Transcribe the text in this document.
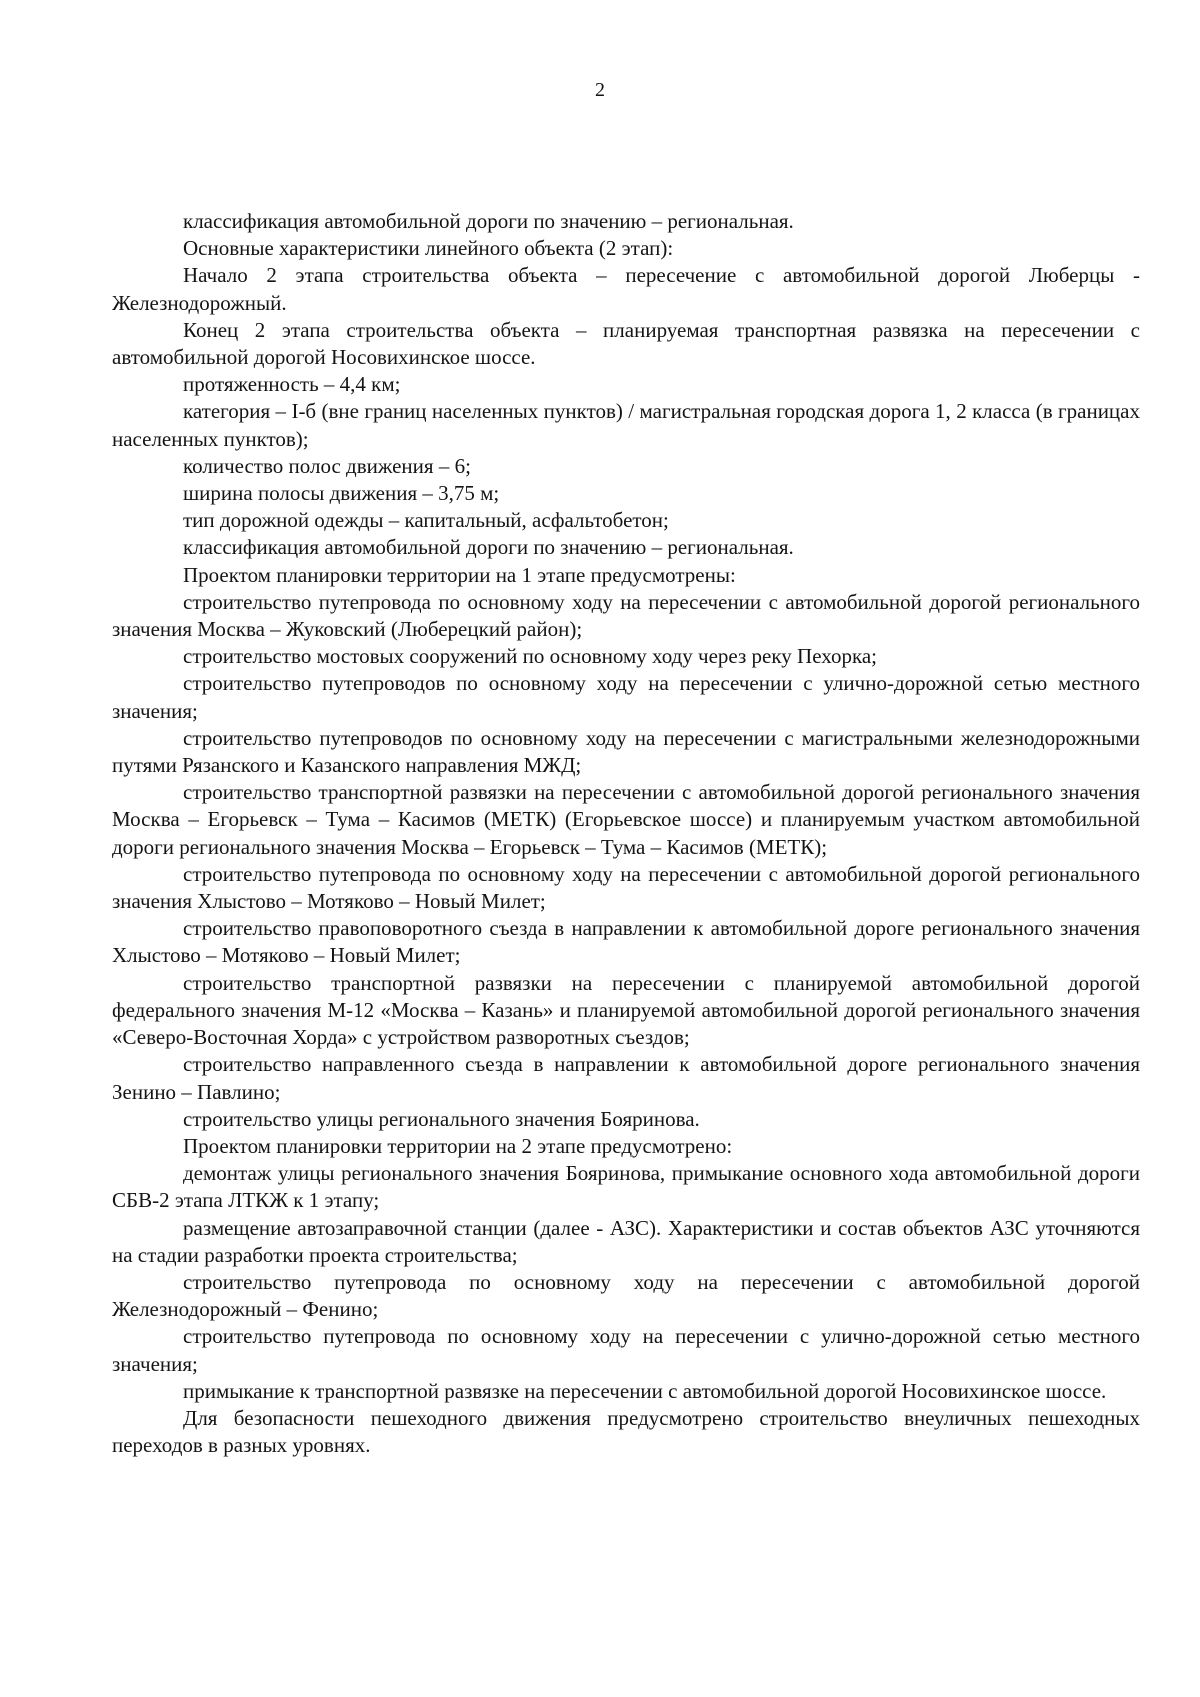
2

классификация автомобильной дороги по значению – региональная.

Основные характеристики линейного объекта (2 этап):

Начало 2 этапа строительства объекта – пересечение с автомобильной дорогой Люберцы - Железнодорожный.

Конец 2 этапа строительства объекта – планируемая транспортная развязка на пересечении с автомобильной дорогой Носовихинское шоссе.

протяженность – 4,4 км;

категория – I-б (вне границ населенных пунктов) / магистральная городская дорога 1, 2 класса (в границах населенных пунктов);

количество полос движения – 6;

ширина полосы движения – 3,75 м;

тип дорожной одежды – капитальный, асфальтобетон;

классификация автомобильной дороги по значению – региональная.

Проектом планировки территории на 1 этапе предусмотрены:

строительство путепровода по основному ходу на пересечении с автомобильной дорогой регионального значения Москва – Жуковский (Люберецкий район);

строительство мостовых сооружений по основному ходу через реку Пехорка;

строительство путепроводов по основному ходу на пересечении с улично-дорожной сетью местного значения;

строительство путепроводов по основному ходу на пересечении с магистральными железнодорожными путями Рязанского и Казанского направления МЖД;

строительство транспортной развязки на пересечении с автомобильной дорогой регионального значения Москва – Егорьевск – Тума – Касимов (МЕТК) (Егорьевское шоссе) и планируемым участком автомобильной дороги регионального значения Москва – Егорьевск – Тума – Касимов (МЕТК);

строительство путепровода по основному ходу на пересечении с автомобильной дорогой регионального значения Хлыстово – Мотяково – Новый Милет;

строительство правоповоротного съезда в направлении к автомобильной дороге регионального значения Хлыстово – Мотяково – Новый Милет;

строительство транспортной развязки на пересечении с планируемой автомобильной дорогой федерального значения М-12 «Москва – Казань» и планируемой автомобильной дорогой регионального значения «Северо-Восточная Хорда» с устройством разворотных съездов;

строительство направленного съезда в направлении к автомобильной дороге регионального значения Зенино – Павлино;

строительство улицы регионального значения Бояринова.

Проектом планировки территории на 2 этапе предусмотрено:

демонтаж улицы регионального значения Бояринова, примыкание основного хода автомобильной дороги СБВ-2 этапа ЛТКЖ к 1 этапу;

размещение автозаправочной станции (далее - АЗС). Характеристики и состав объектов АЗС уточняются на стадии разработки проекта строительства;

строительство путепровода по основному ходу на пересечении с автомобильной дорогой Железнодорожный – Фенино;

строительство путепровода по основному ходу на пересечении с улично-дорожной сетью местного значения;

примыкание к транспортной развязке на пересечении с автомобильной дорогой Носовихинское шоссе.

Для безопасности пешеходного движения предусмотрено строительство внеуличных пешеходных переходов в разных уровнях.
